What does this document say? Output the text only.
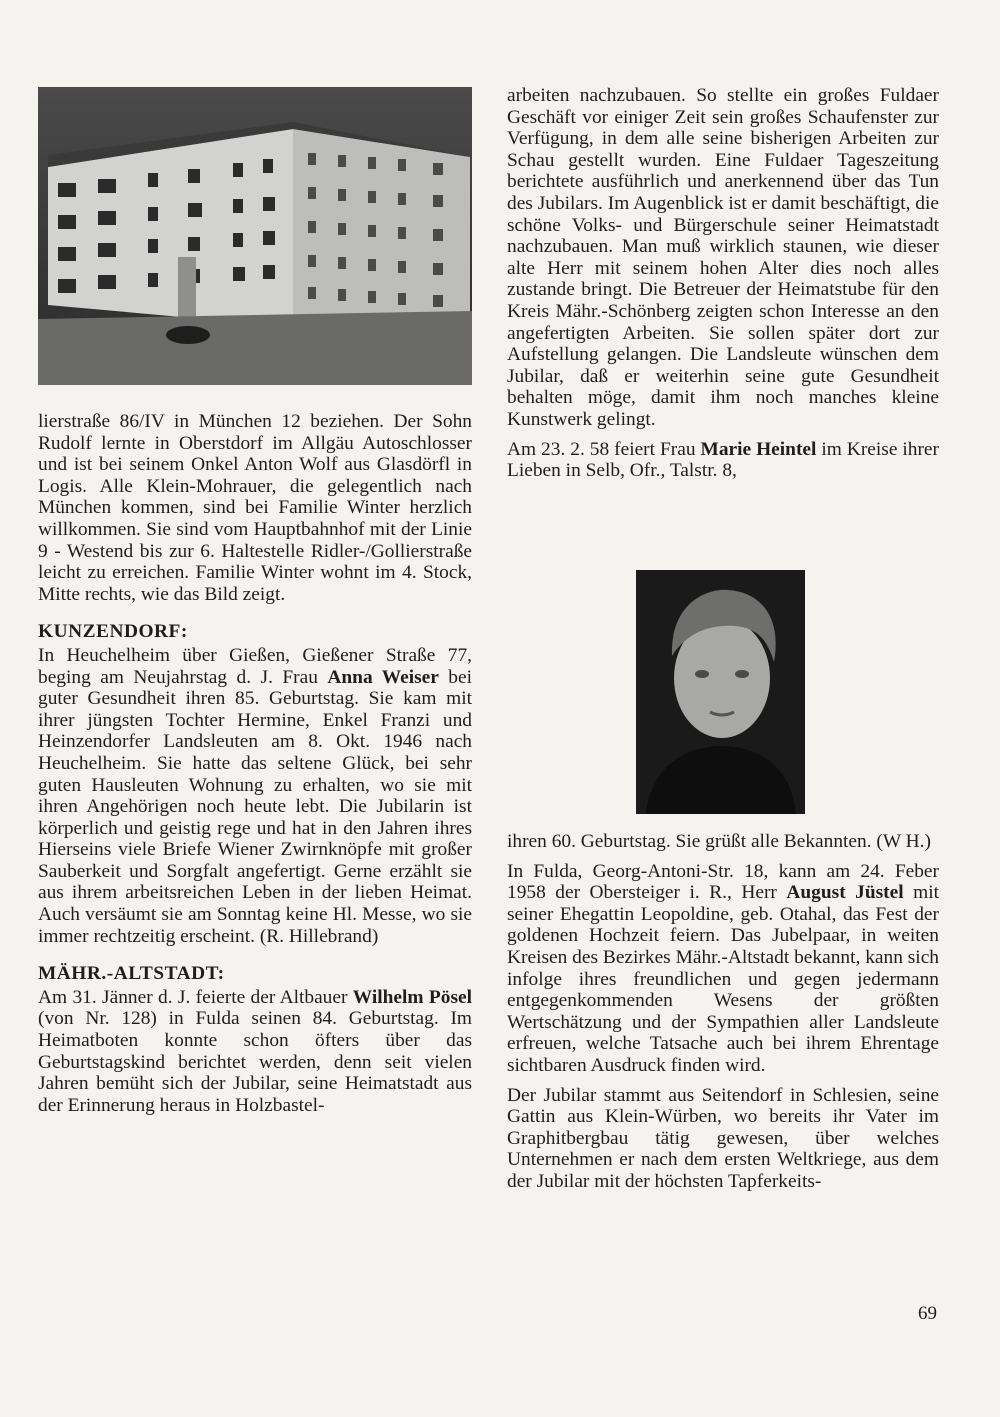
lierstraße 86/IV in München 12 beziehen. Der Sohn Rudolf lernte in Oberstdorf im Allgäu Autoschlosser und ist bei seinem Onkel Anton Wolf aus Glasdörfl in Logis. Alle Klein-Mohrauer, die gelegentlich nach München kommen, sind bei Familie Winter herzlich willkommen. Sie sind vom Hauptbahnhof mit der Linie 9 - Westend bis zur 6. Haltestelle Ridler-/Gollierstraße leicht zu erreichen. Familie Winter wohnt im 4. Stock, Mitte rechts, wie das Bild zeigt.

KUNZENDORF:

In Heuchelheim über Gießen, Gießener Straße 77, beging am Neujahrstag d. J. Frau Anna Weiser bei guter Gesundheit ihren 85. Geburtstag. Sie kam mit ihrer jüngsten Tochter Hermine, Enkel Franzi und Heinzendorfer Landsleuten am 8. Okt. 1946 nach Heuchelheim. Sie hatte das seltene Glück, bei sehr guten Hausleuten Wohnung zu erhalten, wo sie mit ihren Angehörigen noch heute lebt. Die Jubilarin ist körperlich und geistig rege und hat in den Jahren ihres Hierseins viele Briefe Wiener Zwirnknöpfe mit großer Sauberkeit und Sorgfalt angefertigt. Gerne erzählt sie aus ihrem arbeitsreichen Leben in der lieben Heimat. Auch versäumt sie am Sonntag keine Hl. Messe, wo sie immer rechtzeitig erscheint. (R. Hillebrand)

MÄHR.-ALTSTADT:

Am 31. Jänner d. J. feierte der Altbauer Wilhelm Pösel (von Nr. 128) in Fulda seinen 84. Geburtstag. Im Heimatboten konnte schon öfters über das Geburtstagskind berichtet werden, denn seit vielen Jahren bemüht sich der Jubilar, seine Heimatstadt aus der Erinnerung heraus in Holzbastel-

arbeiten nachzubauen. So stellte ein großes Fuldaer Geschäft vor einiger Zeit sein großes Schaufenster zur Verfügung, in dem alle seine bisherigen Arbeiten zur Schau gestellt wurden. Eine Fuldaer Tageszeitung berichtete ausführlich und anerkennend über das Tun des Jubilars. Im Augenblick ist er damit beschäftigt, die schöne Volks- und Bürgerschule seiner Heimatstadt nachzubauen. Man muß wirklich staunen, wie dieser alte Herr mit seinem hohen Alter dies noch alles zustande bringt. Die Betreuer der Heimatstube für den Kreis Mähr.-Schönberg zeigten schon Interesse an den angefertigten Arbeiten. Sie sollen später dort zur Aufstellung gelangen. Die Landsleute wünschen dem Jubilar, daß er weiterhin seine gute Gesundheit behalten möge, damit ihm noch manches kleine Kunstwerk gelingt.

Am 23. 2. 58 feiert Frau Marie Heintel im Kreise ihrer Lieben in Selb, Ofr., Talstr. 8,

ihren 60. Geburtstag. Sie grüßt alle Bekannten. (W H.)

In Fulda, Georg-Antoni-Str. 18, kann am 24. Feber 1958 der Obersteiger i. R., Herr August Jüstel mit seiner Ehegattin Leopoldine, geb. Otahal, das Fest der goldenen Hochzeit feiern. Das Jubelpaar, in weiten Kreisen des Bezirkes Mähr.-Altstadt bekannt, kann sich infolge ihres freundlichen und gegen jedermann entgegenkommenden Wesens der größten Wertschätzung und der Sympathien aller Landsleute erfreuen, welche Tatsache auch bei ihrem Ehrentage sichtbaren Ausdruck finden wird.

Der Jubilar stammt aus Seitendorf in Schlesien, seine Gattin aus Klein-Würben, wo bereits ihr Vater im Graphitbergbau tätig gewesen, über welches Unternehmen er nach dem ersten Weltkriege, aus dem der Jubilar mit der höchsten Tapferkeits-

69
